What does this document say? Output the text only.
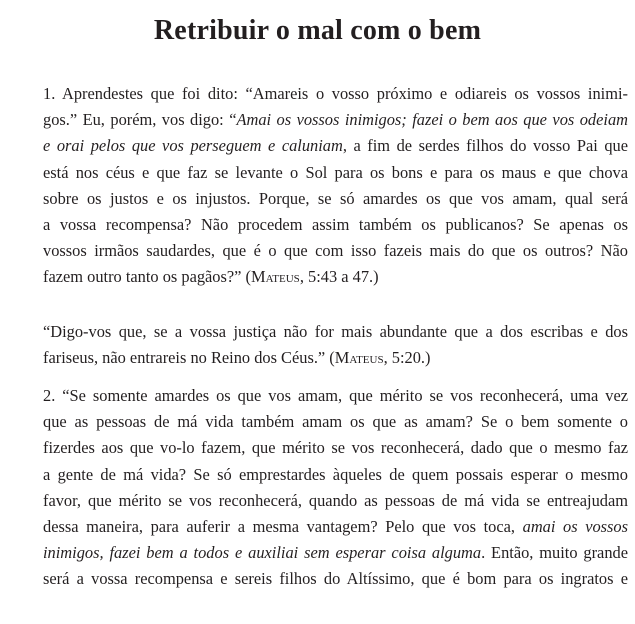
Retribuir o mal com o bem

1. Aprendestes que foi dito: “Amareis o vosso próximo e odiareis os vossos inimi-
gos.” Eu, porém, vos digo: “Amai os vossos inimigos; fazei o bem aos que vos odeiam
e orai pelos que vos perseguem e caluniam, a fim de serdes filhos do vosso Pai que
está nos céus e que faz se levante o Sol para os bons e para os maus e que chova
sobre os justos e os injustos. Porque, se só amardes os que vos amam, qual será
a vossa recompensa? Não procedem assim também os publicanos? Se apenas os
vossos irmãos saudardes, que é o que com isso fazeis mais do que os outros? Não
fazem outro tanto os pagãos?” (Mateus, 5:43 a 47.)

“Digo-vos que, se a vossa justiça não for mais abundante que a dos escribas e dos
fariseus, não entrareis no Reino dos Céus.” (Mateus, 5:20.)

2. “Se somente amardes os que vos amam, que mérito se vos reconhecerá, uma vez
que as pessoas de má vida também amam os que as amam? Se o bem somente o
fizerdes aos que vo-lo fazem, que mérito se vos reconhecerá, dado que o mesmo faz
a gente de má vida? Se só emprestardes àqueles de quem possais esperar o mesmo
favor, que mérito se vos reconhecerá, quando as pessoas de má vida se entreajudam
dessa maneira, para auferir a mesma vantagem? Pelo que vos toca, amai os vossos
inimigos, fazei bem a todos e auxiliai sem esperar coisa alguma. Então, muito grande
será a vossa recompensa e sereis filhos do Altíssimo, que é bom para os ingratos e
